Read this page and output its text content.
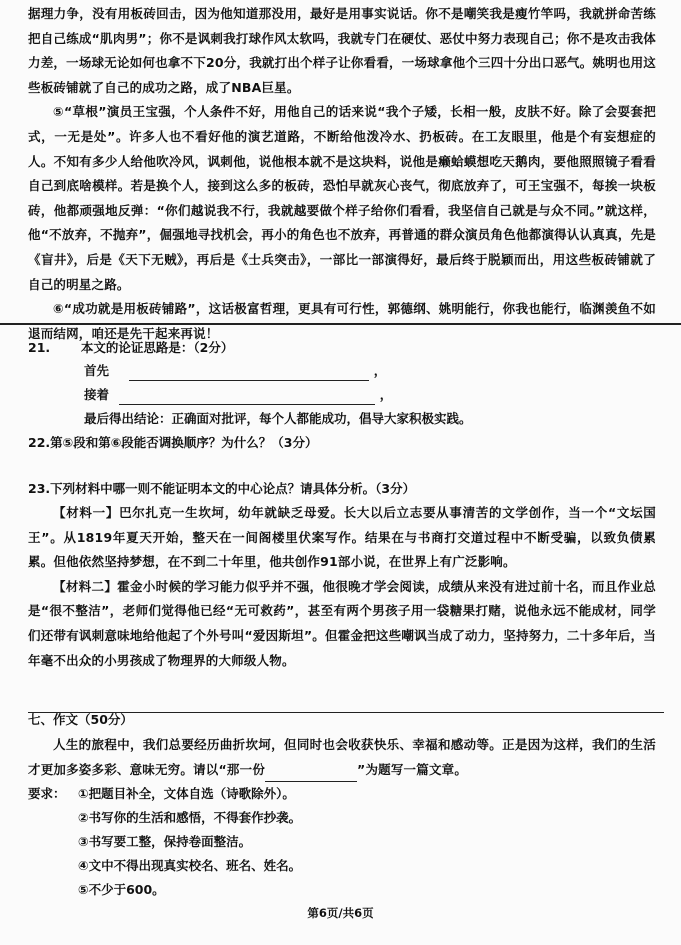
据理力争，没有用板砖回击，因为他知道那没用，最好是用事实说话。你不是嘲笑我是瘦竹竿吗，我就拼命苦练把自己练成“肌肉男”；你不是讽刺我打球作风太软吗，我就专门在硬仗、恶仗中努力表现自己；你不是攻击我体力差，一场球无论如何也拿不下20分，我就打出个样子让你看看，一场球拿他个三四十分出口恶气。姚明也用这些板砖铺就了自己的成功之路，成了NBA巨星。

⑤“草根”演员王宝强，个人条件不好，用他自己的话来说“我个子矮，长相一般，皮肤不好。除了会耍套把式，一无是处”。许多人也不看好他的演艺道路，不断给他泼冷水、扔板砖。在工友眼里，他是个有妄想症的人。不知有多少人给他吹冷风，讽刺他，说他根本就不是这块料，说他是癞蛤蟆想吃天鹅肉，要他照照镜子看看自己到底啥模样。若是换个人，接到这么多的板砖，恐怕早就灰心丧气，彻底放弃了，可王宝强不，每挨一块板砖，他都顽强地反弹：“你们越说我不行，我就越要做个样子给你们看看，我坚信自己就是与众不同。”就这样，他“不放弃，不抛弃”，倔强地寻找机会，再小的角色也不放弃，再普通的群众演员角色他都演得认认真真，先是《盲井》，后是《天下无贼》，再后是《士兵突击》，一部比一部演得好，最后终于脱颖而出，用这些板砖铺就了自己的明星之路。

⑥“成功就是用板砖铺路”，这话极富哲理，更具有可行性，郭德纲、姚明能行，你我也能行，临渊羡鱼不如退而结网，咱还是先干起来再说！

21. 本文的论证思路是：（2分）
首先	，
接着	，
最后得出结论：正确面对批评，每个人都能成功，倡导大家积极实践。
22.第⑤段和第⑥段能否调换顺序？为什么？（3分）
23.下列材料中哪一则不能证明本文的中心论点？请具体分析。（3分）

【材料一】巴尔扎克一生坎坷，幼年就缺乏母爱。长大以后立志要从事清苦的文学创作，当一个“文坛国王”。从1819年夏天开始，整天在一间阁楼里伏案写作。结果在与书商打交道过程中不断受骗，以致负债累累。但他依然坚持梦想，在不到二十年里，他共创作91部小说，在世界上有广泛影响。

【材料二】霍金小时候的学习能力似乎并不强，他很晚才学会阅读，成绩从来没有进过前十名，而且作业总是“很不整洁”，老师们觉得他已经“无可救药”，甚至有两个男孩子用一袋糖果打赌，说他永远不能成材，同学们还带有讽刺意味地给他起了个外号叫“爱因斯坦”。但霍金把这些嘲讽当成了动力，坚持努力，二十多年后，当年毫不出众的小男孩成了物理界的大师级人物。

七、作文（50分）

人生的旅程中，我们总要经历曲折坎坷，但同时也会收获快乐、幸福和感动等。正是因为这样，我们的生活才更加多姿多彩、意味无穷。请以“那一份	”为题写一篇文章。

要求： ①把题目补全，文体自选（诗歌除外）。
②书写你的生活和感悟，不得套作抄袭。
③书写要工整，保持卷面整洁。
④文中不得出现真实校名、班名、姓名。
⑤不少于600。
第6页/共6页
